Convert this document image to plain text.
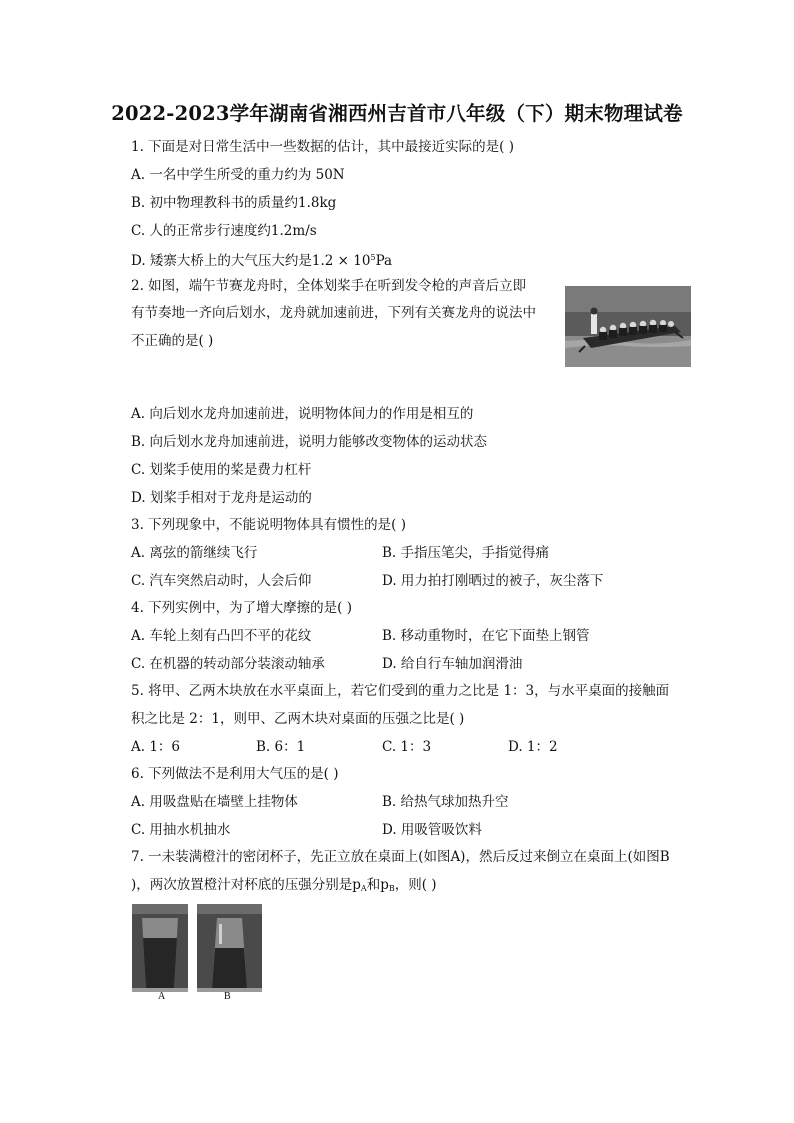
2022-2023学年湖南省湘西州吉首市八年级（下）期末物理试卷
1. 下面是对日常生活中一些数据的估计，其中最接近实际的是( )
A. 一名中学生所受的重力约为 50N
B. 初中物理教科书的质量约1.8kg
C. 人的正常步行速度约1.2m/s
D. 矮寨大桥上的大气压大约是$1.2 \times 10^5Pa$
2. 如图，端午节赛龙舟时，全体划桨手在听到发令枪的声音后立即
有节奏地一齐向后划水，龙舟就加速前进，下列有关赛龙舟的说法中
不正确的是( )
A. 向后划水龙舟加速前进，说明物体间力的作用是相互的
B. 向后划水龙舟加速前进，说明力能够改变物体的运动状态
C. 划桨手使用的桨是费力杠杆
D. 划桨手相对于龙舟是运动的
3. 下列现象中，不能说明物体具有惯性的是( )
A. 离弦的箭继续飞行	B. 手指压笔尖，手指觉得痛
C. 汽车突然启动时，人会后仰	D. 用力拍打刚晒过的被子，灰尘落下
4. 下列实例中，为了增大摩擦的是( )
A. 车轮上刻有凸凹不平的花纹	B. 移动重物时，在它下面垫上钢管
C. 在机器的转动部分装滚动轴承	D. 给自行车轴加润滑油
5. 将甲、乙两木块放在水平桌面上，若它们受到的重力之比是 1：3，与水平桌面的接触面
积之比是 2：1，则甲、乙两木块对桌面的压强之比是( )
A. 1：6	B. 6：1	C. 1：3	D. 1：2
6. 下列做法不是利用大气压的是( )
A. 用吸盘贴在墙壁上挂物体	B. 给热气球加热升空
C. 用抽水机抽水	D. 用吸管吸饮料
7. 一未装满橙汁的密闭杯子，先正立放在桌面上(如图A)，然后反过来倒立在桌面上(如图B
)，两次放置橙汁对杯底的压强分别是$p_A$和$p_B$，则( )
A	B
